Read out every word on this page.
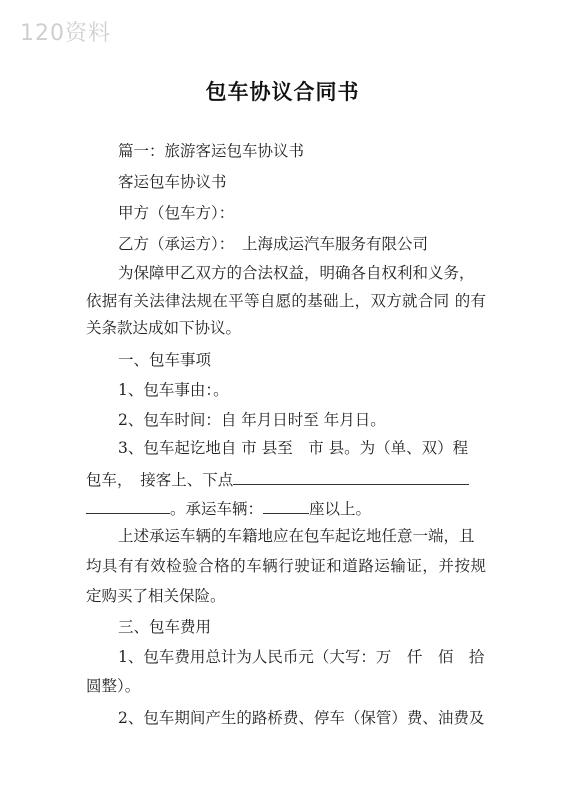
120资料
包车协议合同书
篇一：旅游客运包车协议书
客运包车协议书
甲方（包车方）：
乙方（承运方）：　上海成运汽车服务有限公司
为保障甲乙双方的合法权益，明确各自权利和义务，
依据有关法律法规在平等自愿的基础上，双方就合同 的有
关条款达成如下协议。
一、包车事项
1、包车事由：。
2、包车时间：自 年月日时至 年月日。
3、包车起讫地自 市 县至　市 县。为（单、双）程
包车，　接客上、下点
。承运车辆：	座以上。
上述承运车辆的车籍地应在包车起讫地任意一端，且
均具有有效检验合格的车辆行驶证和道路运输证，并按规
定购买了相关保险。
三、包车费用
1、包车费用总计为人民币元（大写：万　仟　佰　拾
圆整）。
2、包车期间产生的路桥费、停车（保管）费、油费及
